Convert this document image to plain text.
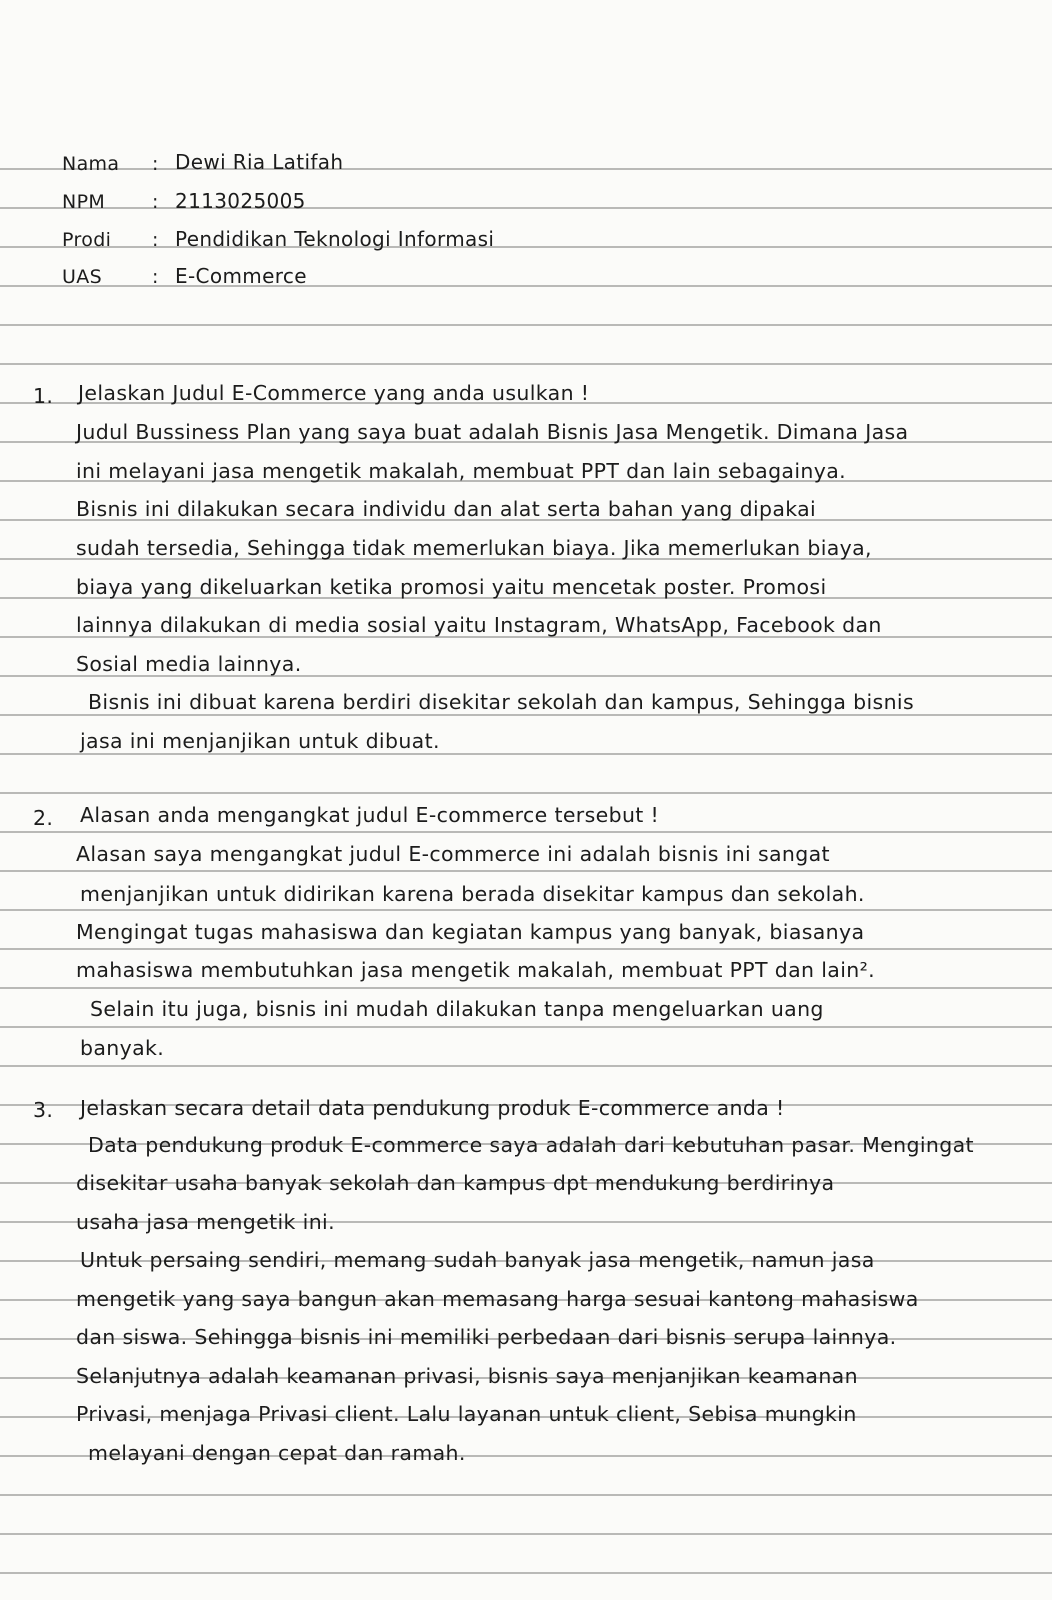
Nama : Dewi Ria Latifah
NPM : 2113025005
Prodi : Pendidikan Teknologi Informasi
UAS	: E-Commerce
1. Jelaskan Judul E-Commerce yang anda usulkan !
Judul Bussiness Plan yang saya buat adalah Bisnis Jasa Mengetik. Dimana Jasa
ini melayani jasa mengetik makalah, membuat PPT dan lain sebagainya.
Bisnis ini dilakukan secara individu dan alat serta bahan yang dipakai
sudah tersedia, Sehingga tidak memerlukan biaya. Jika memerlukan biaya,
biaya yang dikeluarkan ketika promosi yaitu mencetak poster. Promosi
lainnya dilakukan di media sosial yaitu Instagram, WhatsApp, Facebook dan
Sosial media lainnya.
Bisnis ini dibuat karena berdiri disekitar sekolah dan kampus, Sehingga bisnis
jasa ini menjanjikan untuk dibuat.
2. Alasan anda mengangkat judul E-commerce tersebut !
Alasan saya mengangkat judul E-commerce ini adalah bisnis ini sangat
menjanjikan untuk didirikan karena berada disekitar kampus dan sekolah.
Mengingat tugas mahasiswa dan kegiatan kampus yang banyak, biasanya
mahasiswa membutuhkan jasa mengetik makalah, membuat PPT dan lain².
Selain itu juga, bisnis ini mudah dilakukan tanpa mengeluarkan uang
banyak.
3. Jelaskan secara detail data pendukung produk E-commerce anda !
Data pendukung produk E-commerce saya adalah dari kebutuhan pasar. Mengingat
disekitar usaha banyak sekolah dan kampus dpt mendukung berdirinya
usaha jasa mengetik ini.
Untuk persaing sendiri, memang sudah banyak jasa mengetik, namun jasa
mengetik yang saya bangun akan memasang harga sesuai kantong mahasiswa
dan siswa. Sehingga bisnis ini memiliki perbedaan dari bisnis serupa lainnya.
Selanjutnya adalah keamanan privasi, bisnis saya menjanjikan keamanan
Privasi, menjaga Privasi client. Lalu layanan untuk client, Sebisa mungkin
melayani dengan cepat dan ramah.
